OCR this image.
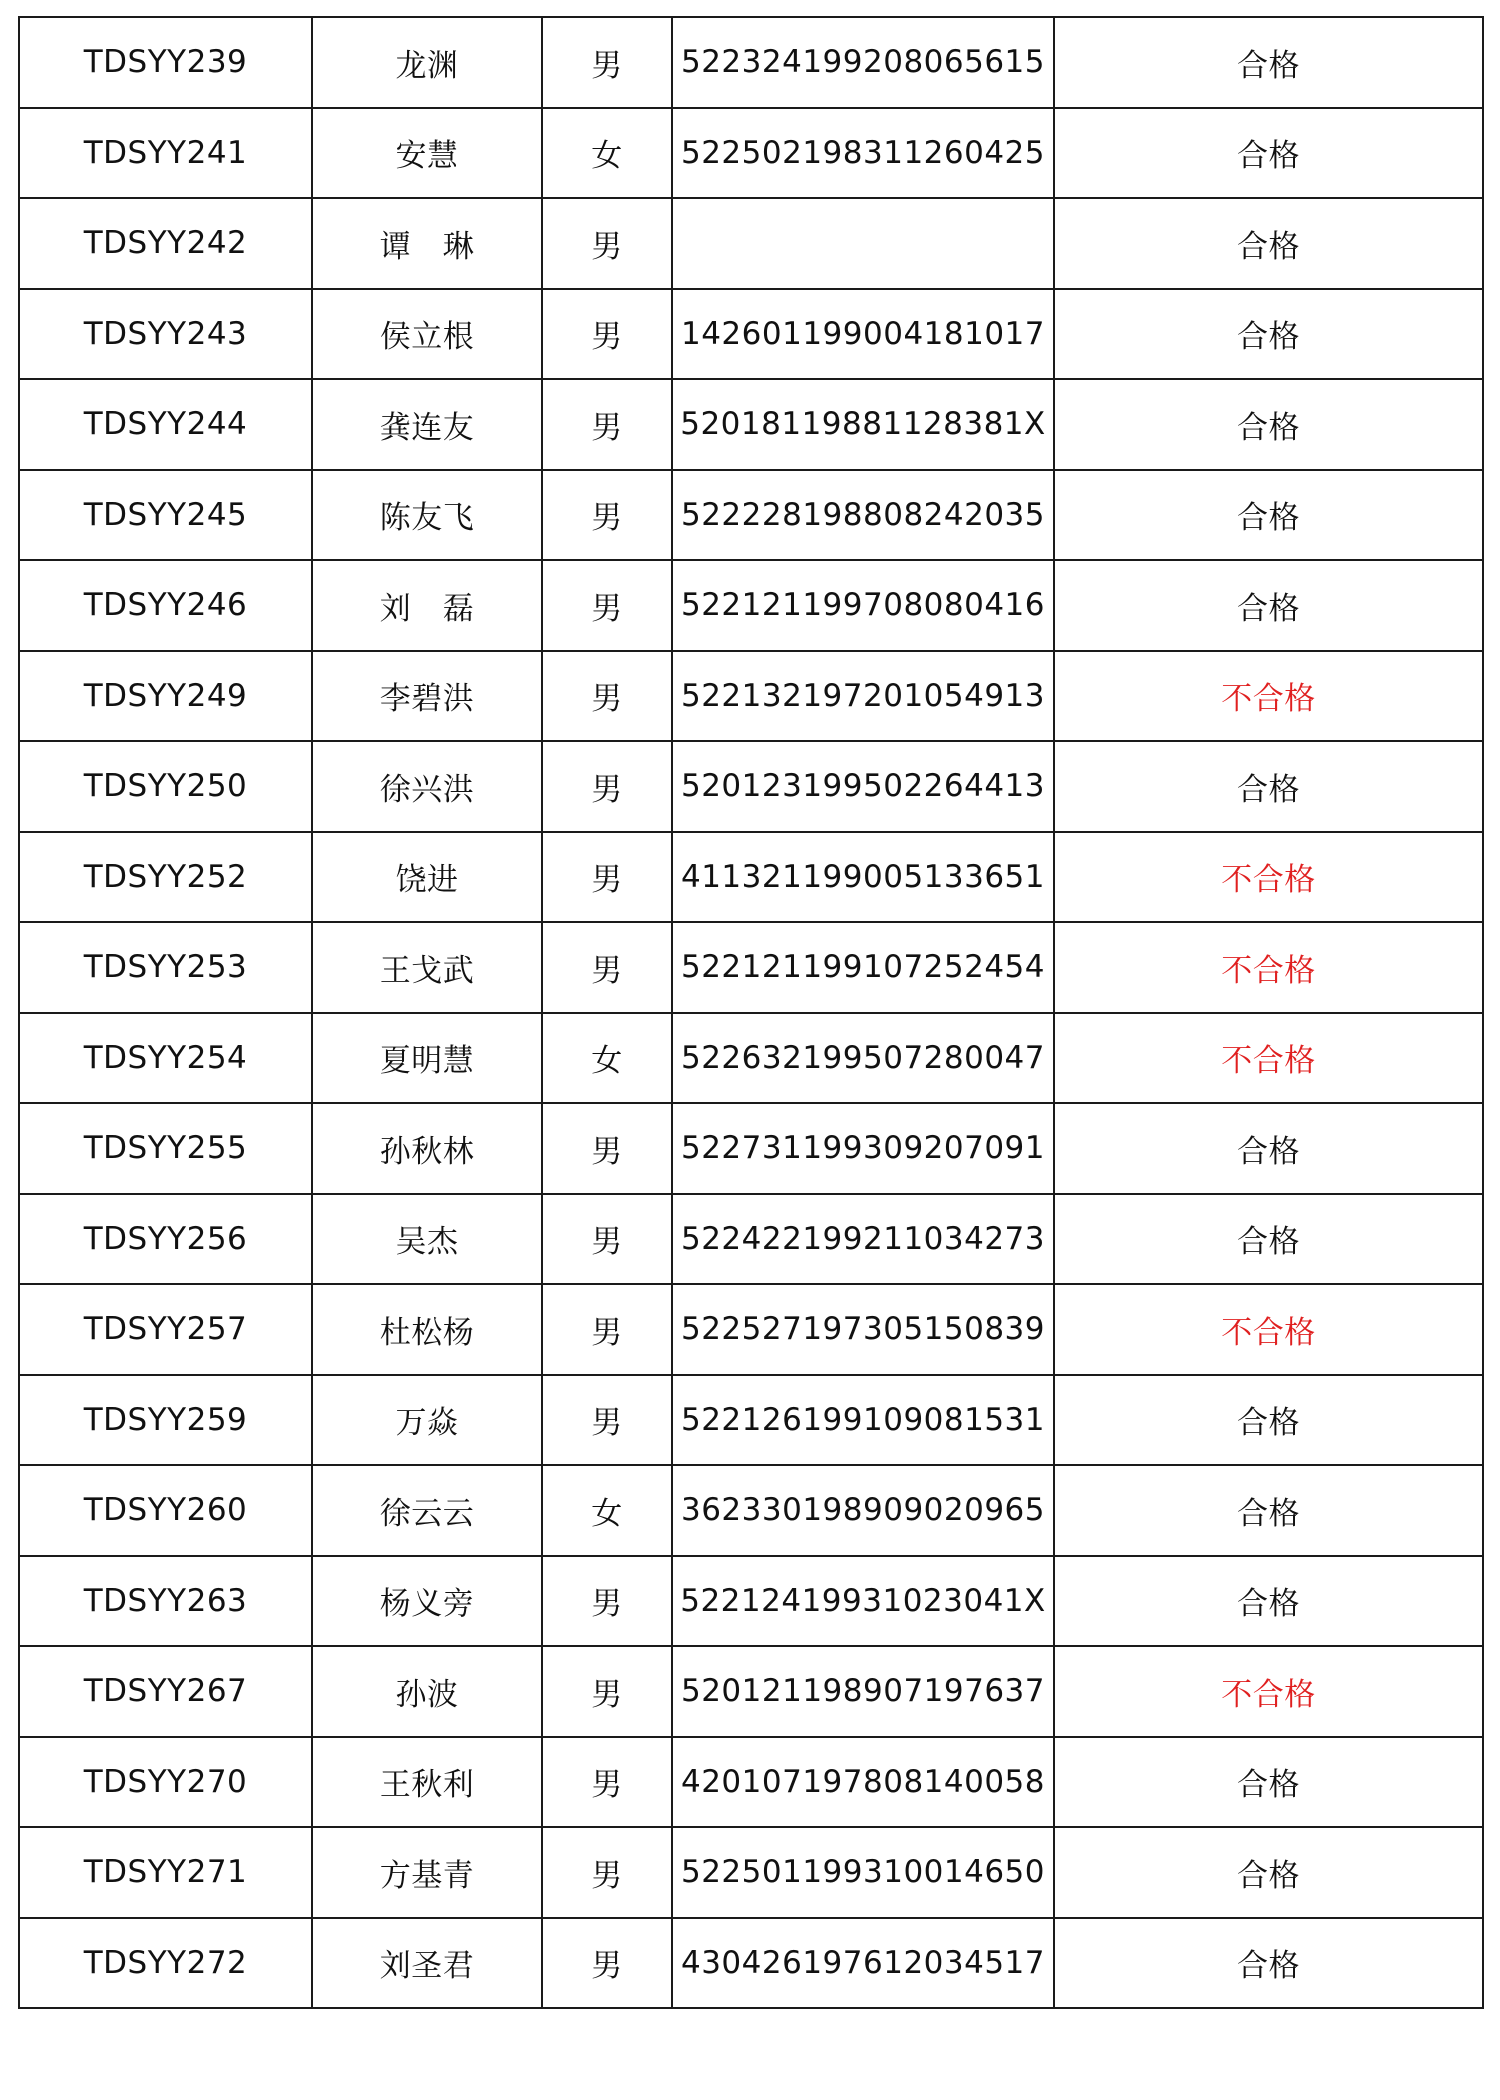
TDSYY239	龙渊	男	522324199208065615	合格
TDSYY241	安慧	女	522502198311260425	合格
TDSYY242	谭　琳	男		合格
TDSYY243	侯立根	男	142601199004181017	合格
TDSYY244	龚连友	男	52018119881128381X	合格
TDSYY245	陈友飞	男	522228198808242035	合格
TDSYY246	刘　磊	男	522121199708080416	合格
TDSYY249	李碧洪	男	522132197201054913	不合格
TDSYY250	徐兴洪	男	520123199502264413	合格
TDSYY252	饶进	男	411321199005133651	不合格
TDSYY253	王戈武	男	522121199107252454	不合格
TDSYY254	夏明慧	女	522632199507280047	不合格
TDSYY255	孙秋林	男	522731199309207091	合格
TDSYY256	吴杰	男	522422199211034273	合格
TDSYY257	杜松杨	男	522527197305150839	不合格
TDSYY259	万焱	男	522126199109081531	合格
TDSYY260	徐云云	女	362330198909020965	合格
TDSYY263	杨义旁	男	52212419931023041X	合格
TDSYY267	孙波	男	520121198907197637	不合格
TDSYY270	王秋利	男	420107197808140058	合格
TDSYY271	方基青	男	522501199310014650	合格
TDSYY272	刘圣君	男	430426197612034517	合格
